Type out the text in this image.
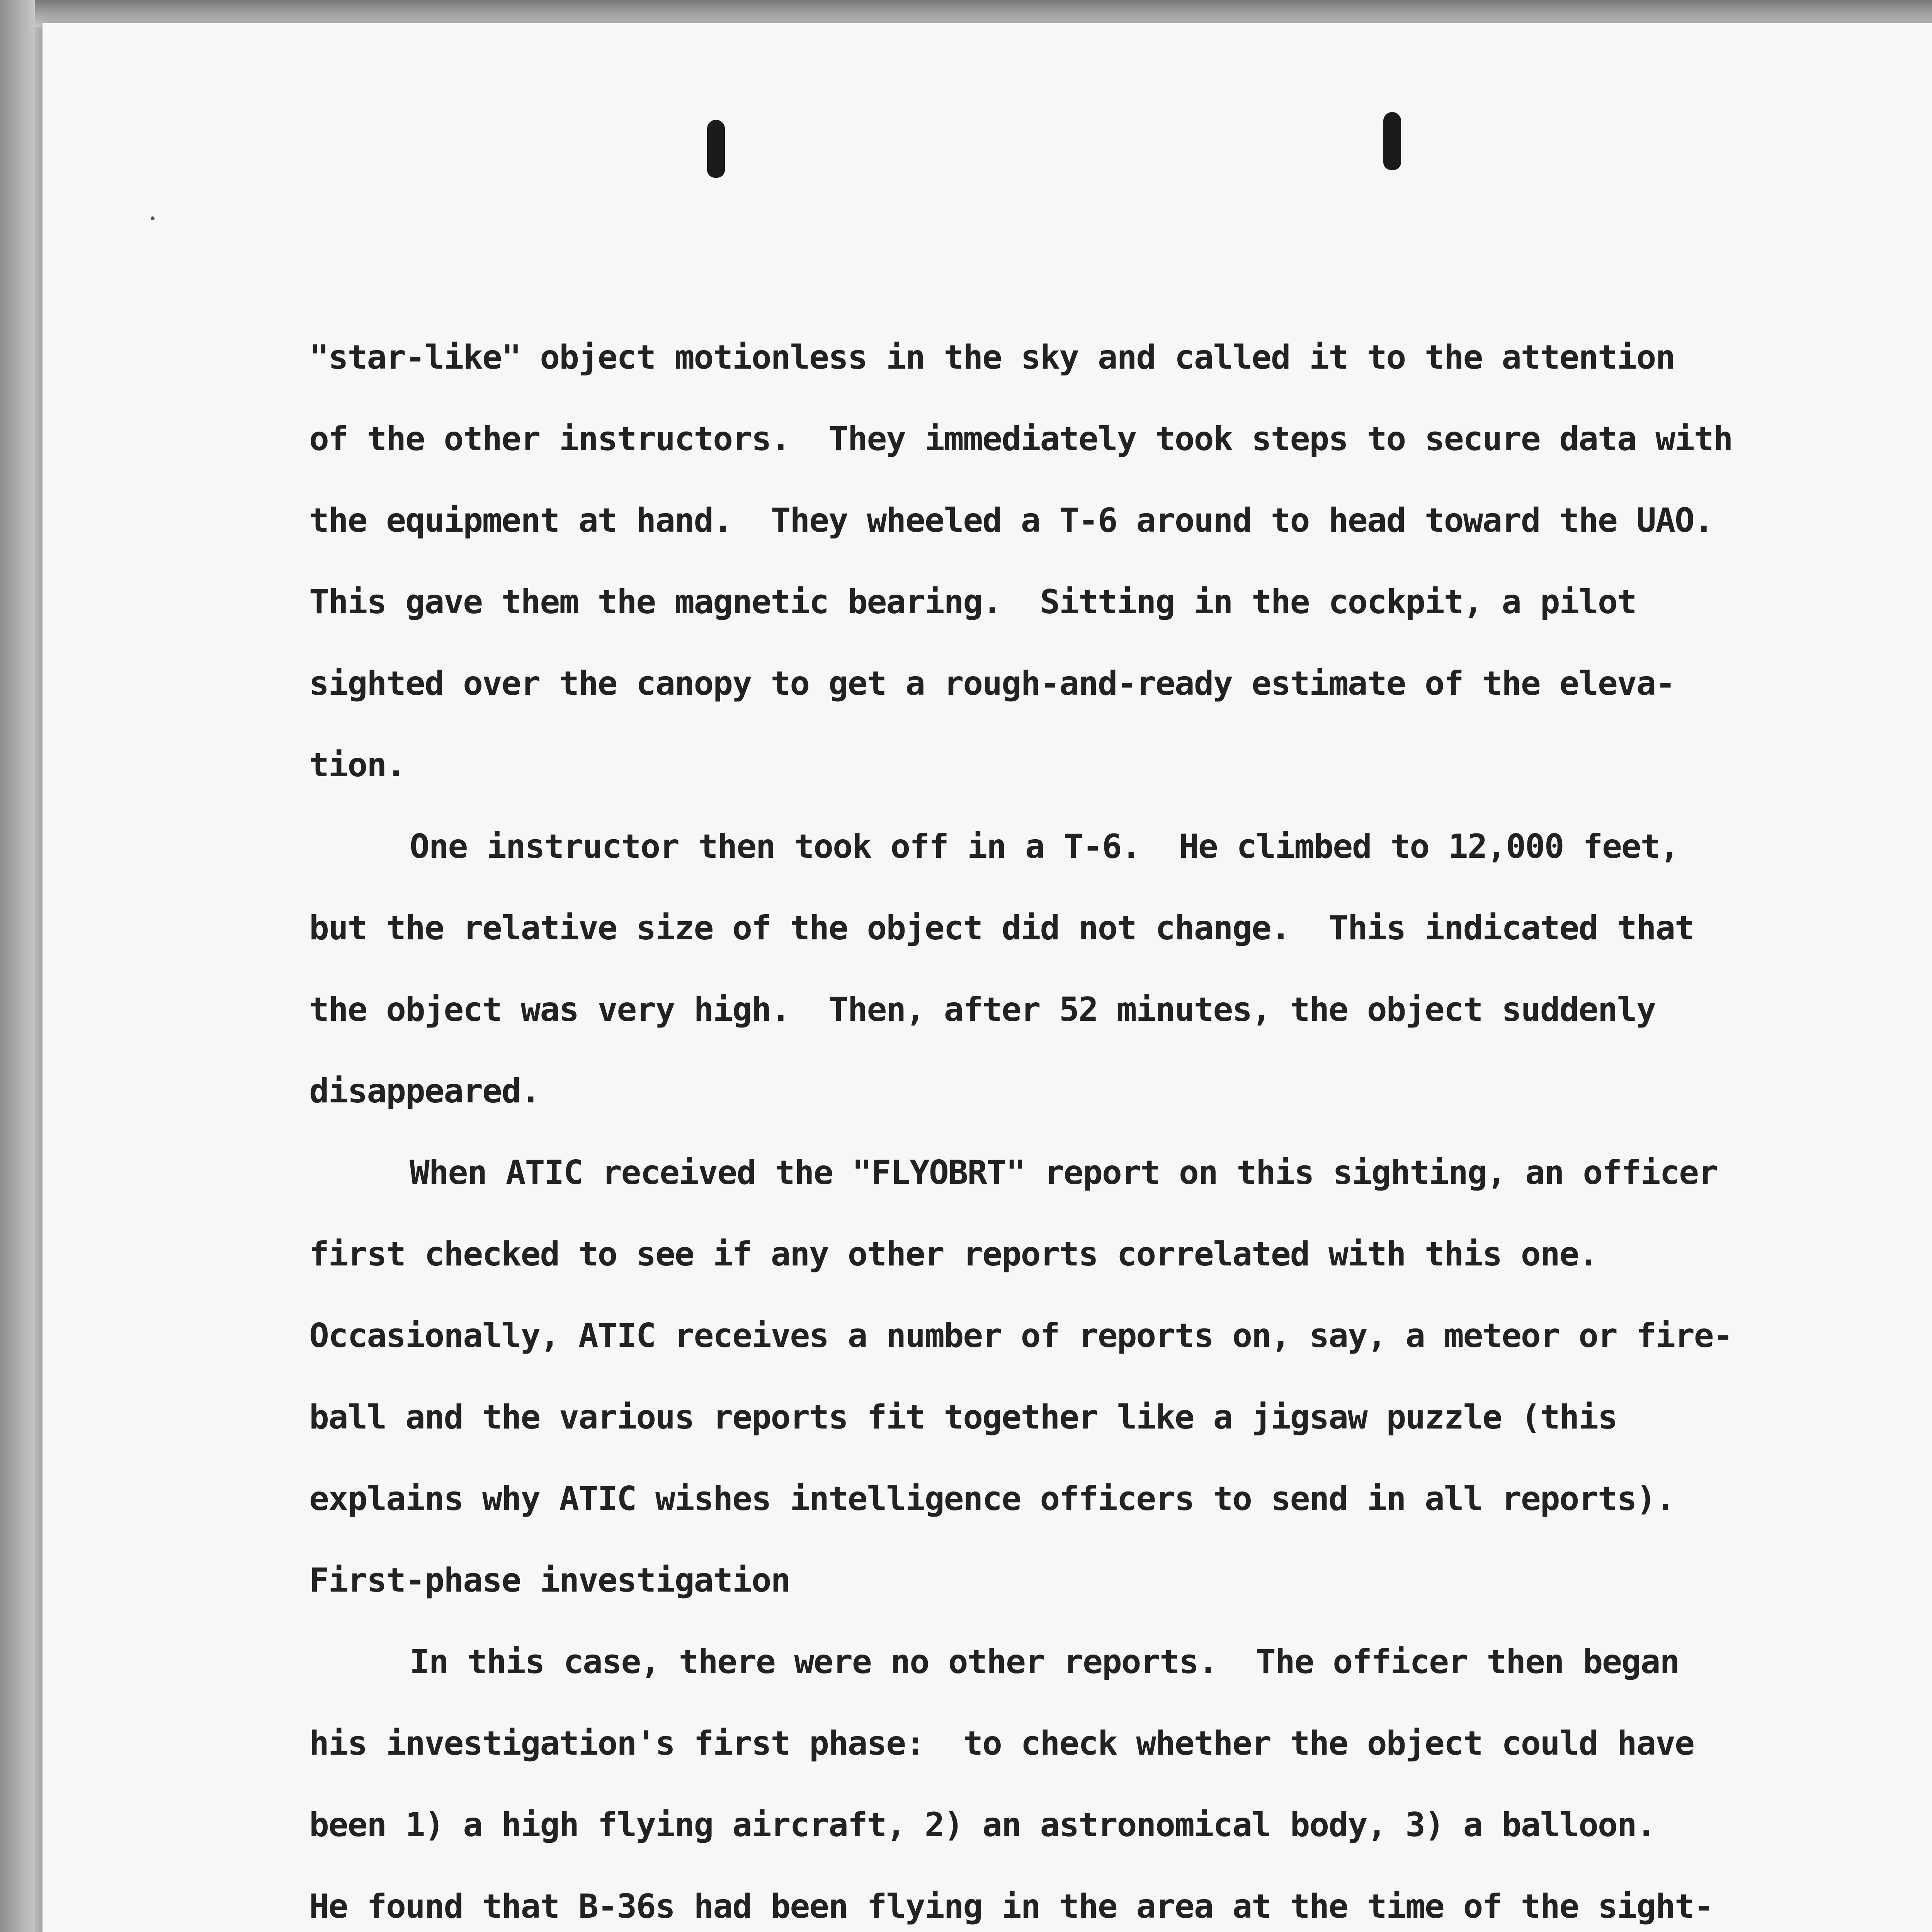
"star-like" object motionless in the sky and called it to the attention
of the other instructors.  They immediately took steps to secure data with
the equipment at hand.  They wheeled a T-6 around to head toward the UAO.
This gave them the magnetic bearing.  Sitting in the cockpit, a pilot
sighted over the canopy to get a rough-and-ready estimate of the eleva-
tion.
One instructor then took off in a T-6.  He climbed to 12,000 feet,
but the relative size of the object did not change.  This indicated that
the object was very high.  Then, after 52 minutes, the object suddenly
disappeared.
When ATIC received the "FLYOBRT" report on this sighting, an officer
first checked to see if any other reports correlated with this one.
Occasionally, ATIC receives a number of reports on, say, a meteor or fire-
ball and the various reports fit together like a jigsaw puzzle (this
explains why ATIC wishes intelligence officers to send in all reports).
First-phase investigation
In this case, there were no other reports.  The officer then began
his investigation's first phase:  to check whether the object could have
been 1) a high flying aircraft, 2) an astronomical body, 3) a balloon.
He found that B-36s had been flying in the area at the time of the sight-
